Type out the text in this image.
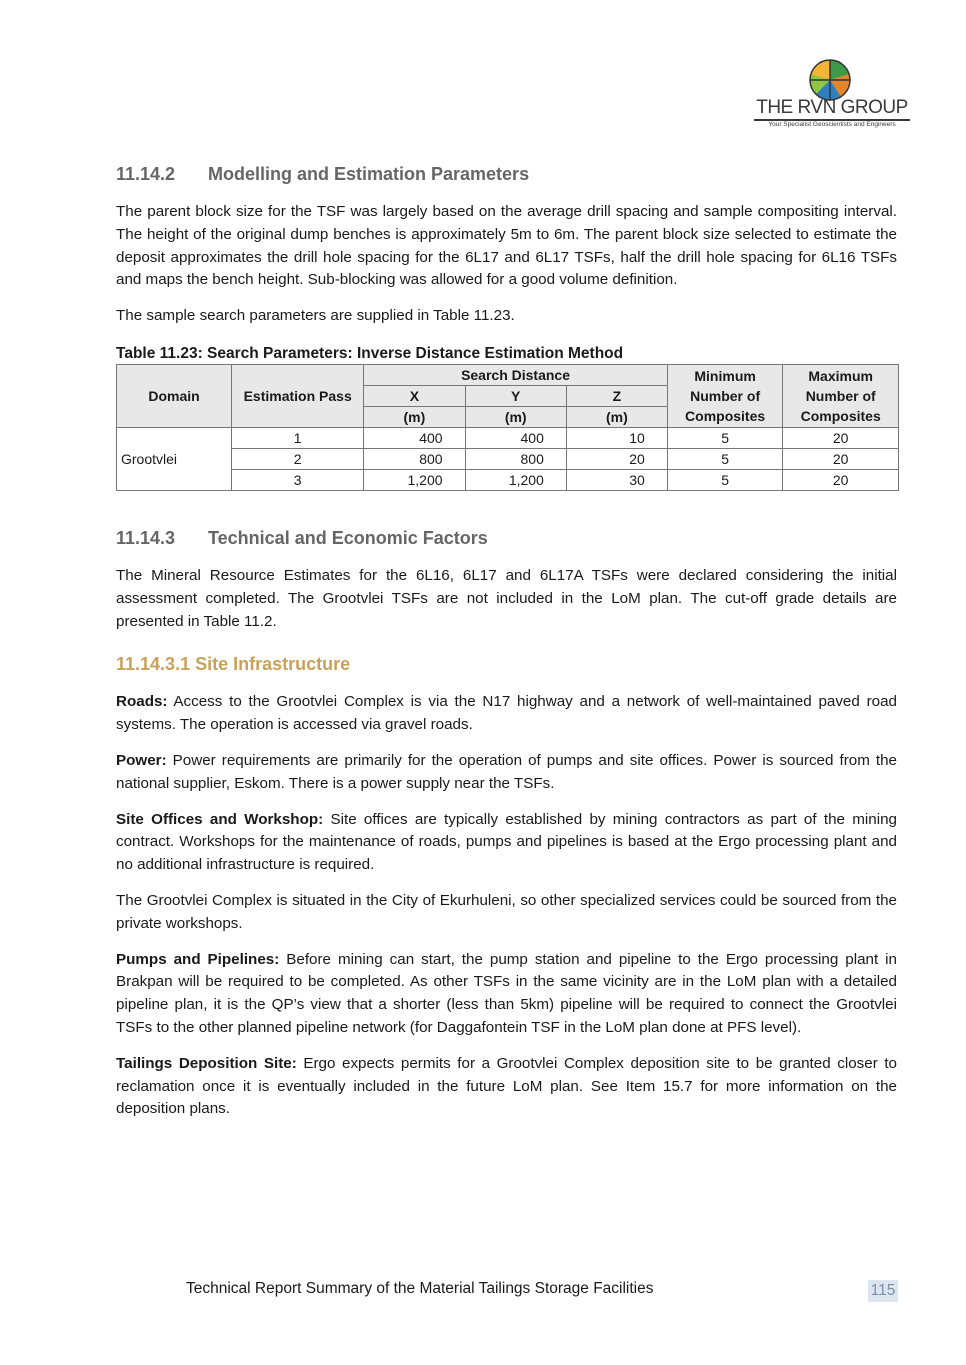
THE RVN GROUP
Your Specialist Geoscientists and Engineers
11.14.2 Modelling and Estimation Parameters

The parent block size for the TSF was largely based on the average drill spacing and sample compositing interval. The height of the original dump benches is approximately 5m to 6m. The parent block size selected to estimate the deposit approximates the drill hole spacing for the 6L17 and 6L17 TSFs, half the drill hole spacing for 6L16 TSFs and maps the bench height. Sub-blocking was allowed for a good volume definition.

The sample search parameters are supplied in Table 11.23.

Table 11.23: Search Parameters: Inverse Distance Estimation Method
Domain	Estimation Pass	Search Distance			Minimum Number of Composites	Maximum Number of Composites
		X	Y	Z		
		(m)	(m)	(m)		
Grootvlei	1	400	400	10	5	20
	2	800	800	20	5	20
	3	1,200	1,200	30	5	20
11.14.3 Technical and Economic Factors

The Mineral Resource Estimates for the 6L16, 6L17 and 6L17A TSFs were declared considering the initial assessment completed. The Grootvlei TSFs are not included in the LoM plan. The cut-off grade details are presented in Table 11.2.

11.14.3.1 Site Infrastructure

Roads: Access to the Grootvlei Complex is via the N17 highway and a network of well-maintained paved road systems. The operation is accessed via gravel roads.

Power: Power requirements are primarily for the operation of pumps and site offices. Power is sourced from the national supplier, Eskom. There is a power supply near the TSFs.

Site Offices and Workshop: Site offices are typically established by mining contractors as part of the mining contract. Workshops for the maintenance of roads, pumps and pipelines is based at the Ergo processing plant and no additional infrastructure is required.

The Grootvlei Complex is situated in the City of Ekurhuleni, so other specialized services could be sourced from the private workshops.

Pumps and Pipelines: Before mining can start, the pump station and pipeline to the Ergo processing plant in Brakpan will be required to be completed. As other TSFs in the same vicinity are in the LoM plan with a detailed pipeline plan, it is the QP’s view that a shorter (less than 5km) pipeline will be required to connect the Grootvlei TSFs to the other planned pipeline network (for Daggafontein TSF in the LoM plan done at PFS level).

Tailings Deposition Site: Ergo expects permits for a Grootvlei Complex deposition site to be granted closer to reclamation once it is eventually included in the future LoM plan. See Item 15.7 for more information on the deposition plans.

Technical Report Summary of the Material Tailings Storage Facilities	115
